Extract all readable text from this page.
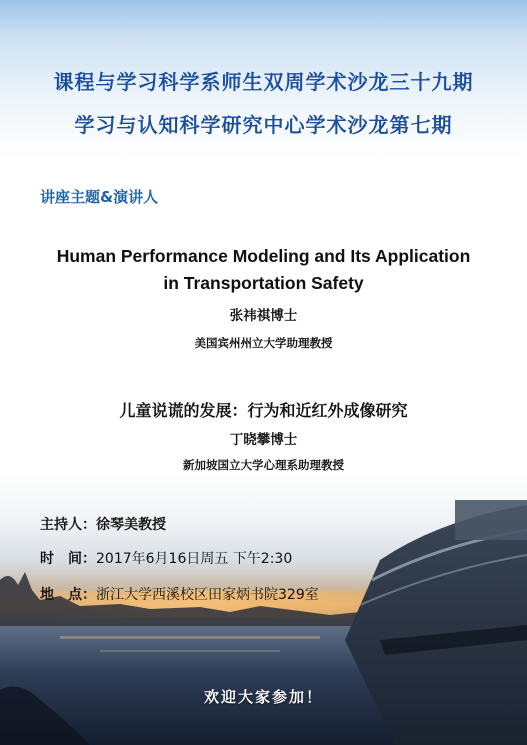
课程与学习科学系师生双周学术沙龙三十九期
学习与认知科学研究中心学术沙龙第七期
讲座主题&演讲人
Human Performance Modeling and Its Application
in Transportation Safety
张祎祺博士
美国宾州州立大学助理教授
儿童说谎的发展：行为和近红外成像研究
丁晓攀博士
新加坡国立大学心理系助理教授
主持人：徐琴美教授
时　间：2017年6月16日周五 下午2:30
地　点：浙江大学西溪校区田家炳书院329室
欢迎大家参加！
